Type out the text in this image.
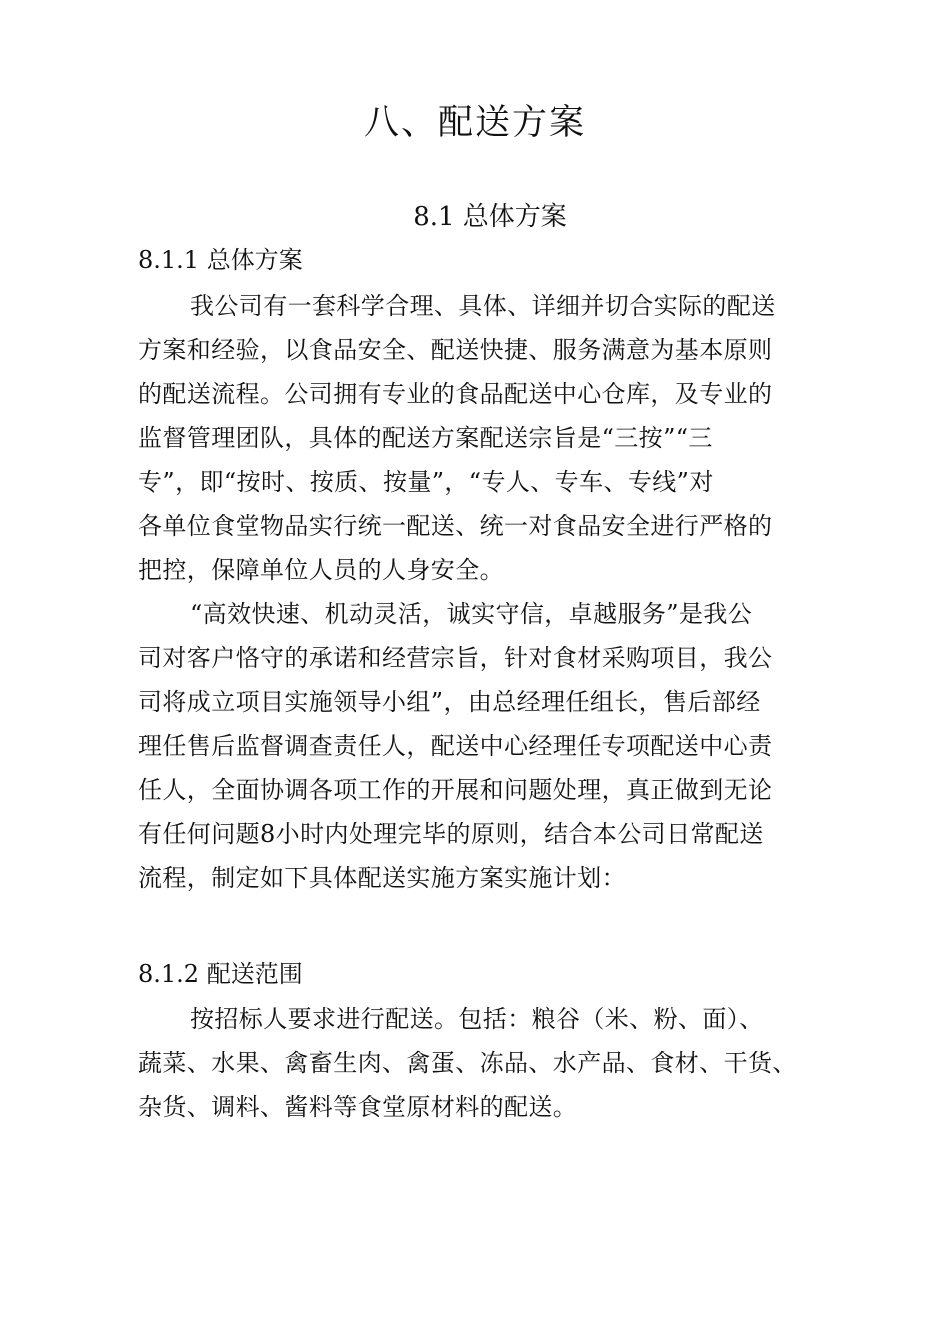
八、配送方案
8.1 总体方案
8.1.1 总体方案
我公司有一套科学合理、具体、详细并切合实际的配送
方案和经验，以食品安全、配送快捷、服务满意为基本原则
的配送流程。公司拥有专业的食品配送中心仓库，及专业的
监督管理团队，具体的配送方案配送宗旨是“三按”“三
专”，即“按时、按质、按量”，“专人、专车、专线”对
各单位食堂物品实行统一配送、统一对食品安全进行严格的
把控，保障单位人员的人身安全。
“高效快速、机动灵活，诚实守信，卓越服务”是我公
司对客户恪守的承诺和经营宗旨，针对食材采购项目，我公
司将成立项目实施领导小组”，由总经理任组长，售后部经
理任售后监督调查责任人，配送中心经理任专项配送中心责
任人，全面协调各项工作的开展和问题处理，真正做到无论
有任何问题8小时内处理完毕的原则，结合本公司日常配送
流程，制定如下具体配送实施方案实施计划：
8.1.2 配送范围
按招标人要求进行配送。包括：粮谷（米、粉、面）、
蔬菜、水果、禽畜生肉、禽蛋、冻品、水产品、食材、干货、
杂货、调料、酱料等食堂原材料的配送。
